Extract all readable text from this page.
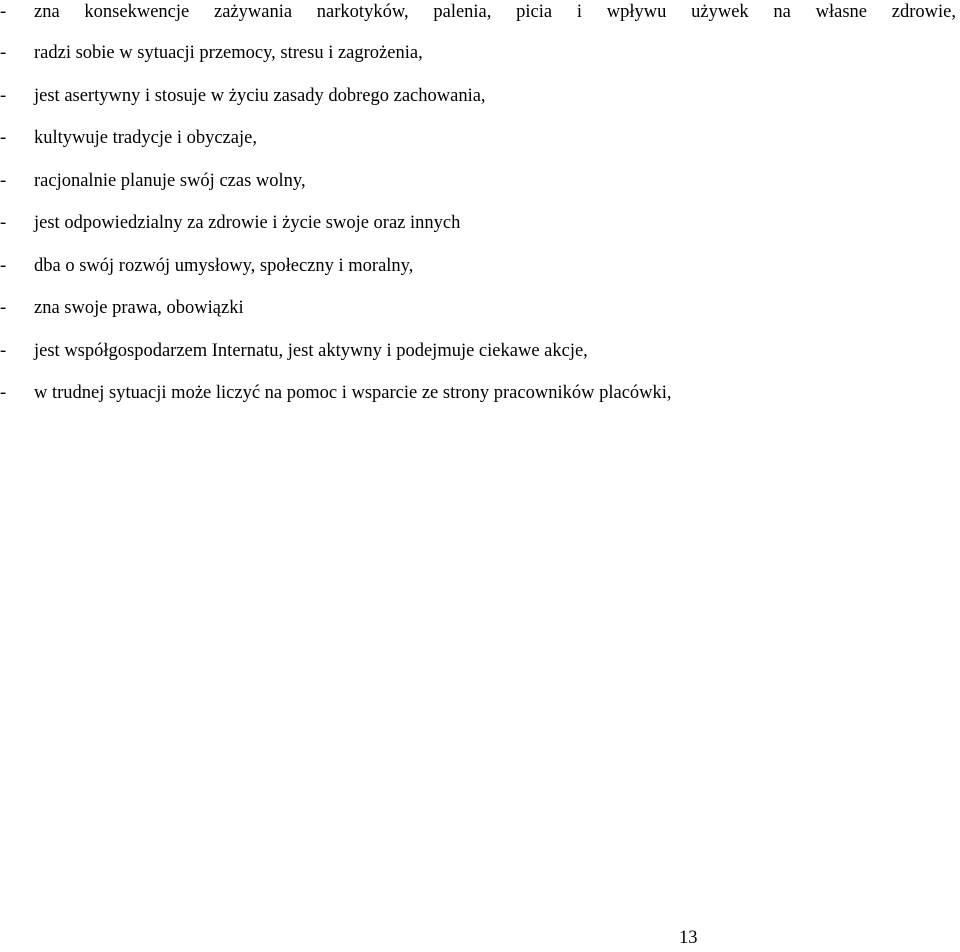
-	zna konsekwencje zażywania narkotyków, palenia, picia i wpływu używek na własne zdrowie,
-	radzi sobie w sytuacji przemocy, stresu i zagrożenia,
-	jest asertywny i stosuje w życiu zasady dobrego zachowania,
-	kultywuje tradycje i obyczaje,
-	racjonalnie planuje swój czas wolny,
-	jest odpowiedzialny za zdrowie i życie swoje oraz innych
-	dba o swój rozwój umysłowy, społeczny i moralny,
-	zna swoje prawa, obowiązki
-	jest współgospodarzem Internatu, jest aktywny i podejmuje ciekawe akcje,
-	w trudnej sytuacji może liczyć na pomoc i wsparcie ze strony pracowników placówki,
13
